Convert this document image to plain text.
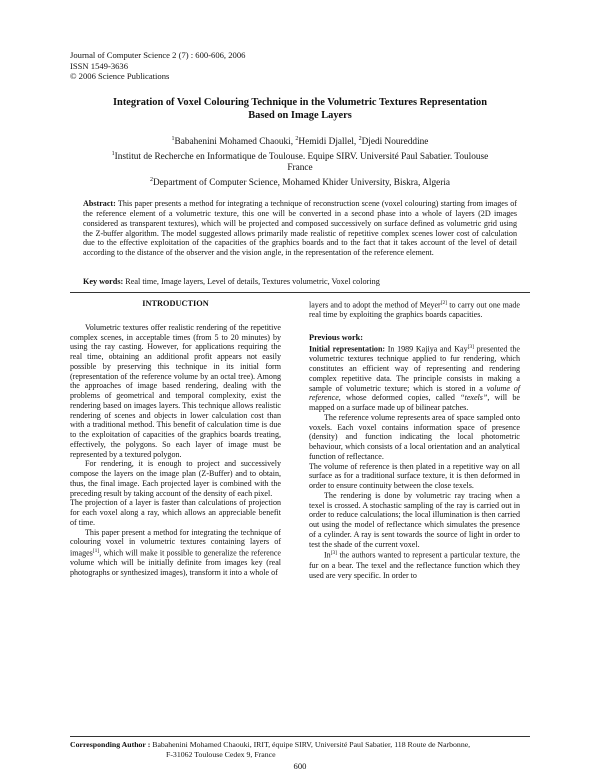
Journal of Computer Science 2 (7) : 600-606, 2006
ISSN 1549-3636
© 2006 Science Publications
Integration of Voxel Colouring Technique in the Volumetric Textures Representation
Based on Image Layers
$^1$Babahenini Mohamed Chaouki, $^2$Hemidi Djallel, $^2$Djedi Noureddine
$^1$Institut de Recherche en Informatique de Toulouse. Equipe SIRV. Université Paul Sabatier. Toulouse
France
$^2$Department of Computer Science, Mohamed Khider University, Biskra, Algeria
Abstract: This paper presents a method for integrating a technique of reconstruction scene (voxel colouring) starting from images of the reference element of a volumetric texture, this one will be converted in a second phase into a whole of layers (2D images considered as transparent textures), which will be projected and composed successively on surface defined as volumetric grid using the Z-buffer algorithm. The model suggested allows primarily made realistic of repetitive complex scenes lower cost of calculation due to the effective exploitation of the capacities of the graphics boards and to the fact that it takes account of the level of detail according to the distance of the observer and the vision angle, in the representation of the reference element.
Key words: Real time, Image layers, Level of details, Textures volumetric, Voxel coloring
INTRODUCTION

Volumetric textures offer realistic rendering of the repetitive complex scenes, in acceptable times (from 5 to 20 minutes) by using the ray casting. However, for applications requiring the real time, obtaining an additional profit appears not easily possible by preserving this technique in its initial form (representation of the reference volume by an octal tree). Among the approaches of image based rendering, dealing with the problems of geometrical and temporal complexity, exist the rendering based on images layers. This technique allows realistic rendering of scenes and objects in lower calculation cost than with a traditional method. This benefit of calculation time is due to the exploitation of capacities of the graphics boards treating, effectively, the polygons. So each layer of image must be represented by a textured polygon.

For rendering, it is enough to project and successively compose the layers on the image plan (Z-Buffer) and to obtain, thus, the final image. Each projected layer is combined with the preceding result by taking account of the density of each pixel.

The projection of a layer is faster than calculations of projection for each voxel along a ray, which allows an appreciable benefit of time.

This paper present a method for integrating the technique of colouring voxel in volumetric textures containing layers of images[1], which will make it possible to generalize the reference volume which will be initially definite from images key (real photographs or synthesized images), transform it into a whole of

layers and to adopt the method of Meyer[2] to carry out one made real time by exploiting the graphics boards capacities.

Previous work:

Initial representation: In 1989 Kajiya and Kay[3] presented the volumetric textures technique applied to fur rendering, which constitutes an efficient way of representing and rendering complex repetitive data. The principle consists in making a sample of volumetric texture; which is stored in a volume of reference, whose deformed copies, called “texels”, will be mapped on a surface made up of bilinear patches.

The reference volume represents area of space sampled onto voxels. Each voxel contains information space of presence (density) and function indicating the local photometric behaviour, which consists of a local orientation and an analytical function of reflectance.

The volume of reference is then plated in a repetitive way on all surface as for a traditional surface texture, it is then deformed in order to ensure continuity between the close texels.

The rendering is done by volumetric ray tracing when a texel is crossed. A stochastic sampling of the ray is carried out in order to reduce calculations; the local illumination is then carried out using the model of reflectance which simulates the presence of a cylinder. A ray is sent towards the source of light in order to test the shade of the current voxel.

In[3] the authors wanted to represent a particular texture, the fur on a bear. The texel and the reflectance function which they used are very specific. In order to

Corresponding Author : Babahenini Mohamed Chaouki, IRIT, équipe SIRV, Université Paul Sabatier, 118 Route de Narbonne,
F-31062 Toulouse Cedex 9, France
600
